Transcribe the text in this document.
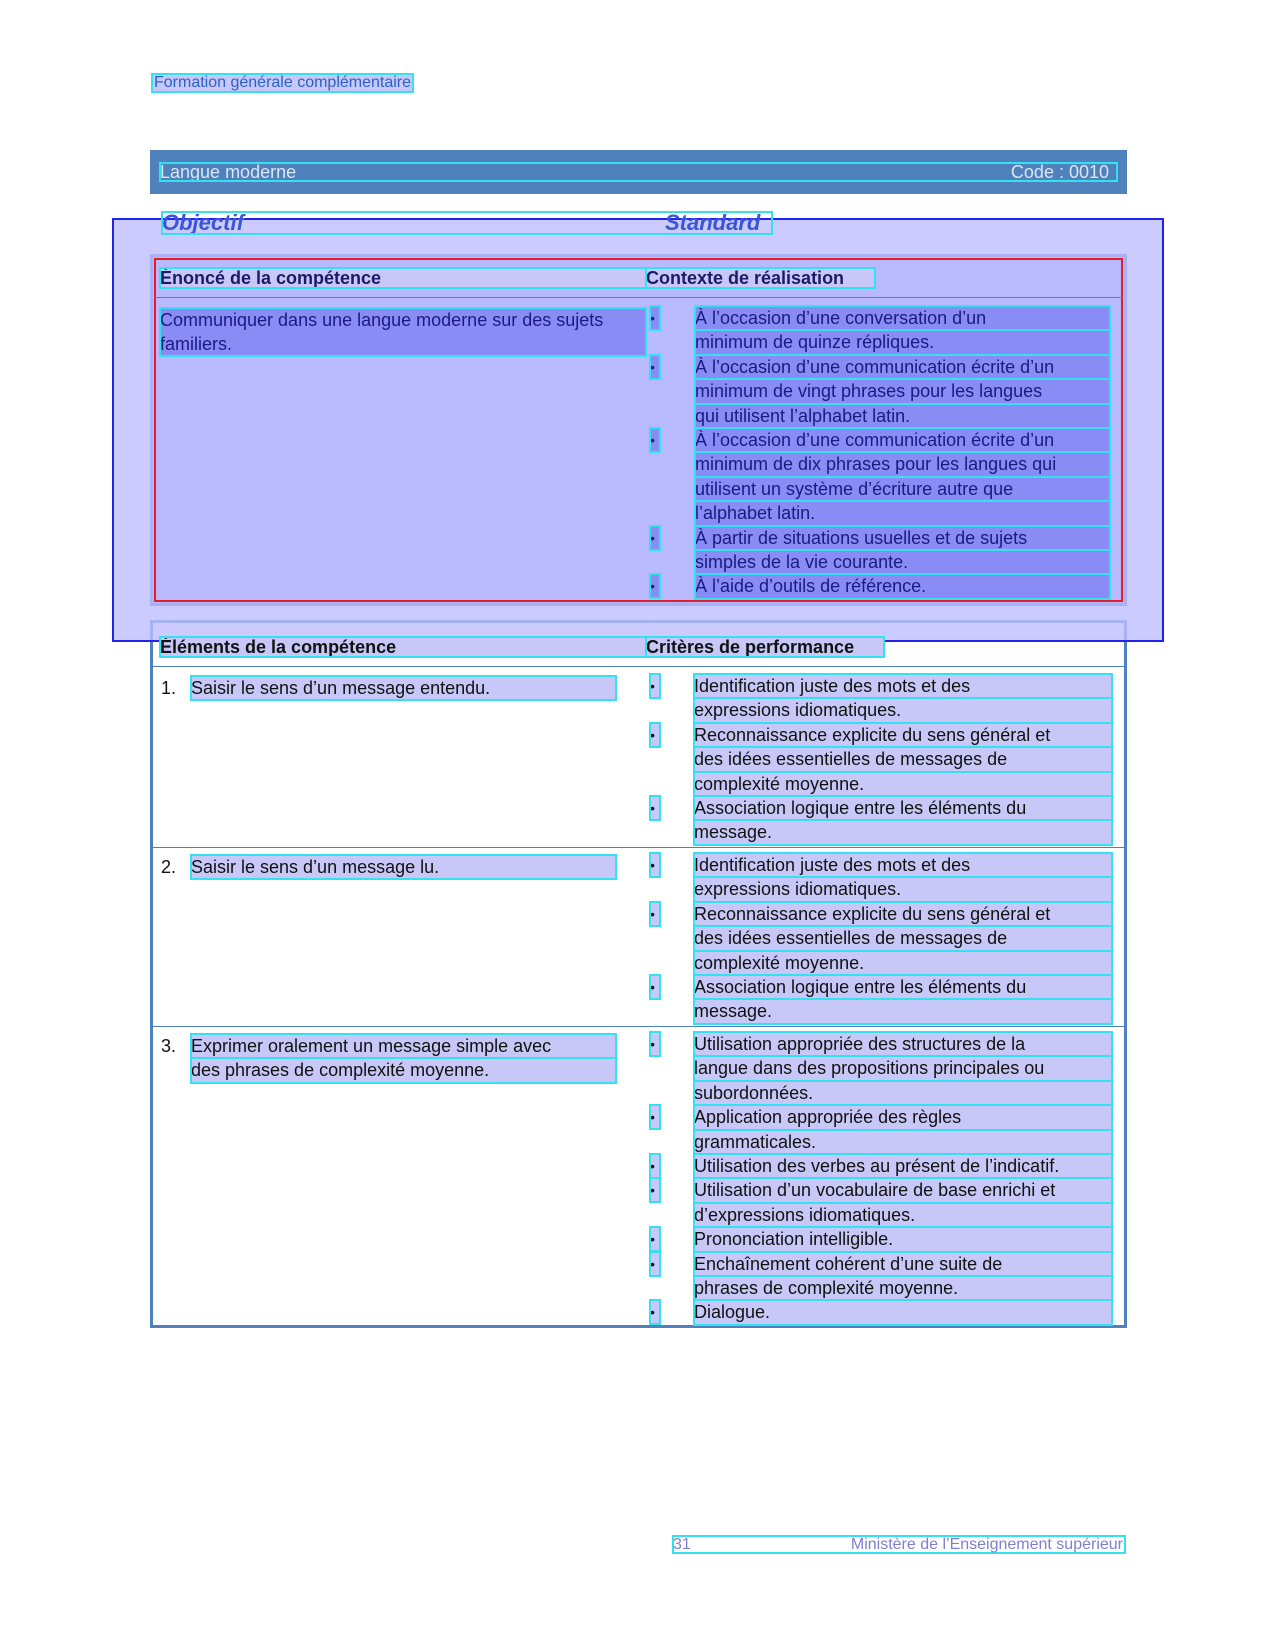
Formation générale complémentaire
Langue moderne	Code : 0010
Objectif	Standard
Énoncé de la compétence	Contexte de réalisation
Communiquer dans une langue moderne sur des sujets familiers.
• À l’occasion d’une conversation d’un
minimum de quinze répliques.
• À l’occasion d’une communication écrite d’un
minimum de vingt phrases pour les langues
qui utilisent l’alphabet latin.
• À l’occasion d’une communication écrite d’un
minimum de dix phrases pour les langues qui
utilisent un système d’écriture autre que
l’alphabet latin.
• À partir de situations usuelles et de sujets
simples de la vie courante.
• À l’aide d’outils de référence.
Éléments de la compétence	Critères de performance
1. Saisir le sens d’un message entendu.	• Identification juste des mots et des
expressions idiomatiques.
• Reconnaissance explicite du sens général et
des idées essentielles de messages de
complexité moyenne.
• Association logique entre les éléments du
message.
2. Saisir le sens d’un message lu.	• Identification juste des mots et des
expressions idiomatiques.
• Reconnaissance explicite du sens général et
des idées essentielles de messages de
complexité moyenne.
• Association logique entre les éléments du
message.
3. Exprimer oralement un message simple avec
des phrases de complexité moyenne.
• Utilisation appropriée des structures de la
langue dans des propositions principales ou
subordonnées.
• Application appropriée des règles
grammaticales.
• Utilisation des verbes au présent de l’indicatif.
• Utilisation d’un vocabulaire de base enrichi et
d’expressions idiomatiques.
• Prononciation intelligible.
• Enchaînement cohérent d’une suite de
phrases de complexité moyenne.
• Dialogue.
31	Ministère de l’Enseignement supérieur
